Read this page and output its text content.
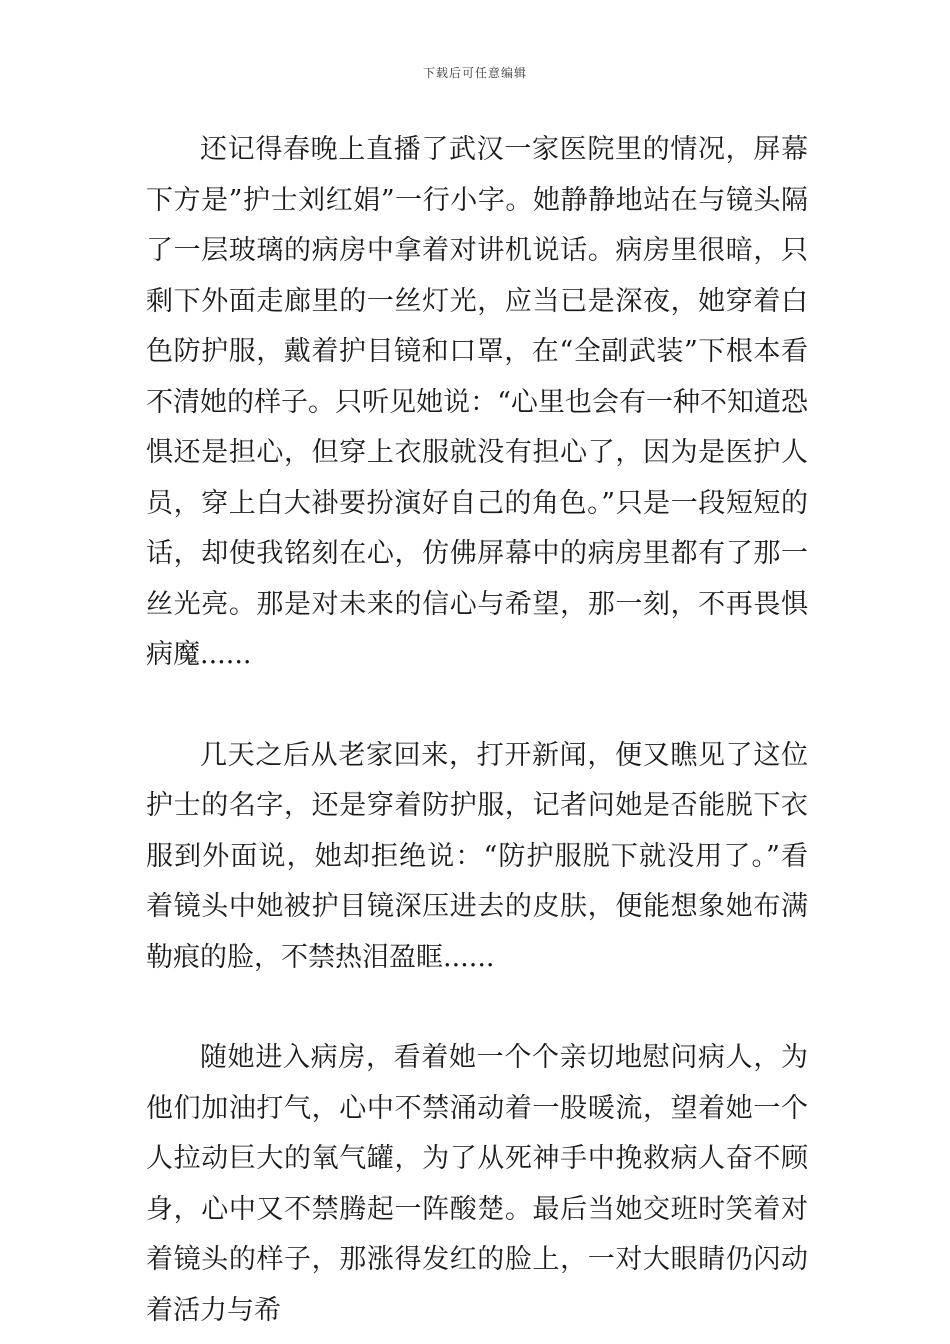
下载后可任意编辑

还记得春晚上直播了武汉一家医院里的情况，屏幕下方是”护士刘红娟”一行小字。她静静地站在与镜头隔了一层玻璃的病房中拿着对讲机说话。病房里很暗，只剩下外面走廊里的一丝灯光，应当已是深夜，她穿着白色防护服，戴着护目镜和口罩，在“全副武装”下根本看不清她的样子。只听见她说：“心里也会有一种不知道恐惧还是担心，但穿上衣服就没有担心了，因为是医护人员，穿上白大褂要扮演好自己的角色。”只是一段短短的话，却使我铭刻在心，仿佛屏幕中的病房里都有了那一丝光亮。那是对未来的信心与希望，那一刻，不再畏惧病魔......

几天之后从老家回来，打开新闻，便又瞧见了这位护士的名字，还是穿着防护服，记者问她是否能脱下衣服到外面说，她却拒绝说：“防护服脱下就没用了。”看着镜头中她被护目镜深压进去的皮肤，便能想象她布满勒痕的脸，不禁热泪盈眶......

随她进入病房，看着她一个个亲切地慰问病人，为他们加油打气，心中不禁涌动着一股暖流，望着她一个人拉动巨大的氧气罐，为了从死神手中挽救病人奋不顾身，心中又不禁腾起一阵酸楚。最后当她交班时笑着对着镜头的样子，那涨得发红的脸上，一对大眼睛仍闪动着活力与希
